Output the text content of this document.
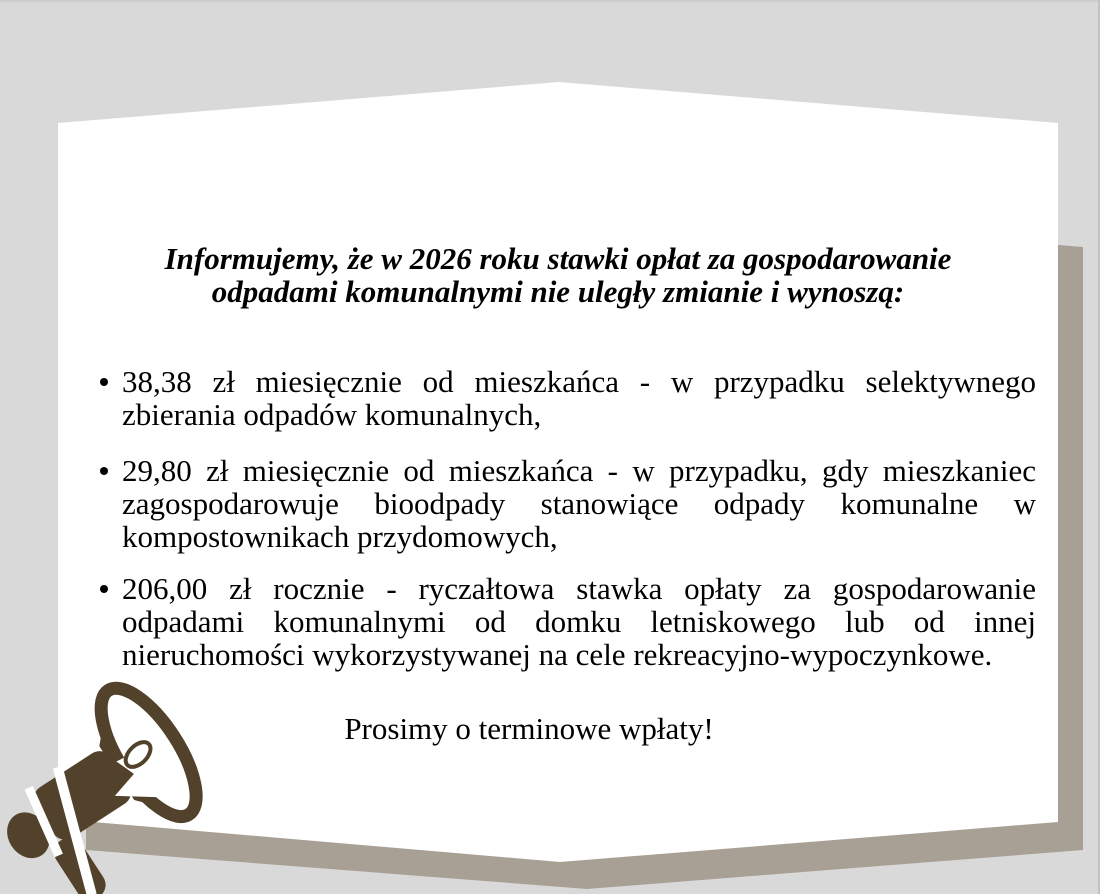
Informujemy, że w 2026 roku stawki opłat za gospodarowanie
odpadami komunalnymi nie uległy zmianie i wynoszą:
38,38 zł miesięcznie od mieszkańca - w przypadku selektywnego zbierania odpadów komunalnych,
29,80 zł miesięcznie od mieszkańca - w przypadku, gdy mieszkaniec zagospodarowuje bioodpady stanowiące odpady komunalne w kompostownikach przydomowych,
206,00 zł rocznie - ryczałtowa stawka opłaty za gospodarowanie odpadami komunalnymi od domku letniskowego lub od innej nieruchomości wykorzystywanej na cele rekreacyjno-wypoczynkowe.
Prosimy o terminowe wpłaty!
